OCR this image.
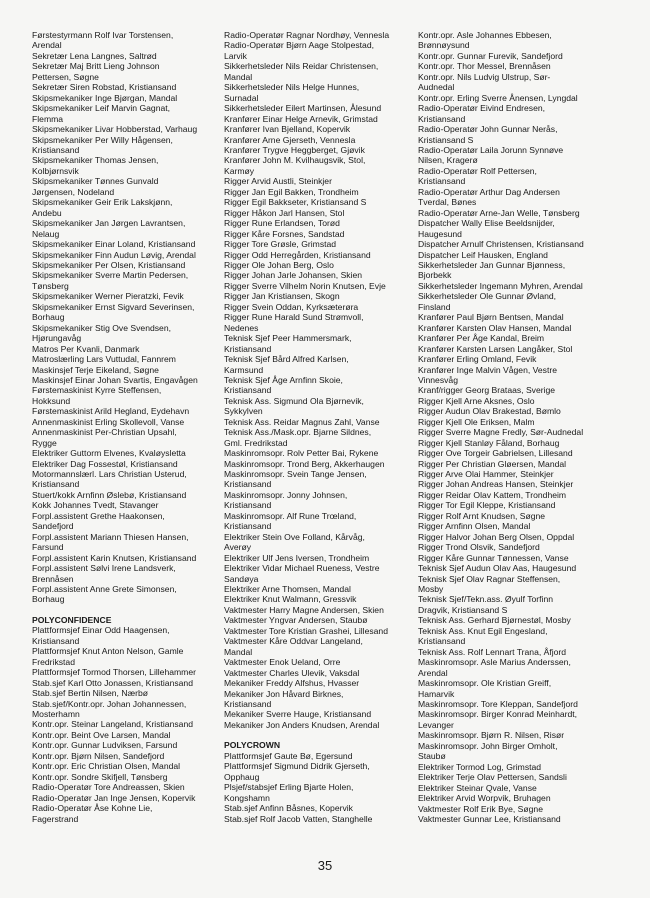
Førstestyrmann Rolf Ivar Torstensen,
Arendal
Sekretær Lena Langnes, Saltrød
Sekretær Maj Britt Lieng Johnson
Pettersen, Søgne
Sekretær Siren Robstad, Kristiansand
Skipsmekaniker Inge Bjørgan, Mandal
Skipsmekaniker Leif Marvin Gagnat,
Flemma
Skipsmekaniker Livar Hobberstad, Varhaug
Skipsmekaniker Per Willy Hågensen,
Kristiansand
Skipsmekaniker Thomas Jensen,
Kolbjørnsvik
Skipsmekaniker Tønnes Gunvald
Jørgensen, Nodeland
Skipsmekaniker Geir Erik Lakskjønn,
Andebu
Skipsmekaniker Jan Jørgen Lavrantsen,
Nelaug
Skipsmekaniker Einar Loland, Kristiansand
Skipsmekaniker Finn Audun Løvig, Arendal
Skipsmekaniker Per Olsen, Kristiansand
Skipsmekaniker Sverre Martin Pedersen,
Tønsberg
Skipsmekaniker Werner Pieratzki, Fevik
Skipsmekaniker Ernst Sigvard Severinsen,
Borhaug
Skipsmekaniker Stig Ove Svendsen,
Hjørungavåg
Matros Per Kvanli, Danmark
Matroslærling Lars Vuttudal, Fannrem
Maskinsjef Terje Eikeland, Søgne
Maskinsjef Einar Johan Svartis, Engavågen
Førstemaskinist Kyrre Steffensen,
Hokksund
Førstemaskinist Arild Hegland, Eydehavn
Annenmaskinist Erling Skollevoll, Vanse
Annenmaskinist Per-Christian Upsahl,
Rygge
Elektriker Guttorm Elvenes, Kvaløysletta
Elektriker Dag Fossestøl, Kristiansand
Motormannslærl. Lars Christian Usterud,
Kristiansand
Stuert/kokk Arnfinn Øslebø, Kristiansand
Kokk Johannes Tvedt, Stavanger
Forpl.assistent Grethe Haakonsen,
Sandefjord
Forpl.assistent Mariann Thiesen Hansen,
Farsund
Forpl.assistent Karin Knutsen, Kristiansand
Forpl.assistent Sølvi Irene Landsverk,
Brennåsen
Forpl.assistent Anne Grete Simonsen,
Borhaug
POLYCONFIDENCE
Plattformsjef Einar Odd Haagensen,
Kristiansand
Plattformsjef Knut Anton Nelson, Gamle
Fredrikstad
Plattformsjef Tormod Thorsen, Lillehammer
Stab.sjef Karl Otto Jonassen, Kristiansand
Stab.sjef Bertin Nilsen, Nærbø
Stab.sjef/Kontr.opr. Johan Johannessen,
Mosterhamn
Kontr.opr. Steinar Langeland, Kristiansand
Kontr.opr. Beint Ove Larsen, Mandal
Kontr.opr. Gunnar Ludviksen, Farsund
Kontr.opr. Bjørn Nilsen, Sandefjord
Kontr.opr. Eric Christian Olsen, Mandal
Kontr.opr. Sondre Skifjell, Tønsberg
Radio-Operatør Tore Andreassen, Skien
Radio-Operatør Jan Inge Jensen, Kopervik
Radio-Operatør Åse Kohne Lie,
Fagerstrand
Radio-Operatør Ragnar Nordhøy, Vennesla
Radio-Operatør Bjørn Aage Stolpestad,
Larvik
Sikkerhetsleder Nils Reidar Christensen,
Mandal
Sikkerhetsleder Nils Helge Hunnes,
Surnadal
Sikkerhetsleder Eilert Martinsen, Ålesund
Kranfører Einar Helge Arnevik, Grimstad
Kranfører Ivan Bjelland, Kopervik
Kranfører Arne Gjerseth, Vennesla
Kranfører Trygve Heggberget, Gjøvik
Kranfører John M. Kvilhaugsvik, Stol,
Karmøy
Rigger Arvid Austli, Steinkjer
Rigger Jan Egil Bakken, Trondheim
Rigger Egil Bakkseter, Kristiansand S
Rigger Håkon Jarl Hansen, Stol
Rigger Rune Erlandsen, Torød
Rigger Kåre Forsnes, Sandstad
Rigger Tore Grøsle, Grimstad
Rigger Odd Herregården, Kristiansand
Rigger Ole Johan Berg, Oslo
Rigger Johan Jarle Johansen, Skien
Rigger Sverre Vilhelm Norin Knutsen, Evje
Rigger Jan Kristiansen, Skogn
Rigger Svein Oddan, Kyrksæterøra
Rigger Rune Harald Sund Strømvoll,
Nedenes
Teknisk Sjef Peer Hammersmark,
Kristiansand
Teknisk Sjef Bård Alfred Karlsen,
Karmsund
Teknisk Sjef Åge Arnfinn Skoie,
Kristiansand
Teknisk Ass. Sigmund Ola Bjørnevik,
Sykkylven
Teknisk Ass. Reidar Magnus Zahl, Vanse
Teknisk Ass./Mask.opr. Bjarne Sildnes,
Gml. Fredrikstad
Maskinromsopr. Rolv Petter Bai, Rykene
Maskinromsopr. Trond Berg, Akkerhaugen
Maskinromsopr. Svein Tange Jensen,
Kristiansand
Maskinromsopr. Jonny Johnsen,
Kristiansand
Maskinromsopr. Alf Rune Trœland,
Kristiansand
Elektriker Stein Ove Folland, Kårvåg,
Averøy
Elektriker Ulf Jens Iversen, Trondheim
Elektriker Vidar Michael Rueness, Vestre
Sandøya
Elektriker Arne Thomsen, Mandal
Elektriker Knut Walmann, Gressvik
Vaktmester Harry Magne Andersen, Skien
Vaktmester Yngvar Andersen, Staubø
Vaktmester Tore Kristian Grashei, Lillesand
Vaktmester Kåre Oddvar Langeland,
Mandal
Vaktmester Enok Ueland, Orre
Vaktmester Charles Ulevik, Vaksdal
Mekaniker Freddy Alfshus, Hvasser
Mekaniker Jon Håvard Birknes,
Kristiansand
Mekaniker Sverre Hauge, Kristiansand
Mekaniker Jon Anders Knudsen, Arendal
POLYCROWN
Plattformsjef Gaute Bø, Egersund
Plattformsjef Sigmund Didrik Gjerseth,
Opphaug
Plsjef/stabsjef Erling Bjarte Holen,
Kongshamn
Stab.sjef Anfinn Båsnes, Kopervik
Stab.sjef Rolf Jacob Vatten, Stanghelle
Kontr.opr. Asle Johannes Ebbesen,
Brønnøysund
Kontr.opr. Gunnar Furevik, Sandefjord
Kontr.opr. Thor Messel, Brennåsen
Kontr.opr. Nils Ludvig Ulstrup, Sør-
Audnedal
Kontr.opr. Erling Sverre Ånensen, Lyngdal
Radio-Operatør Eivind Endresen,
Kristiansand
Radio-Operatør John Gunnar Nerås,
Kristiansand S
Radio-Operatør Laila Jorunn Synnøve
Nilsen, Kragerø
Radio-Operatør Rolf Pettersen,
Kristiansand
Radio-Operatør Arthur Dag Andersen
Tverdal, Bønes
Radio-Operatør Arne-Jan Welle, Tønsberg
Dispatcher Wally Elise Beeldsnijder,
Haugesund
Dispatcher Arnulf Christensen, Kristiansand
Dispatcher Leif Hausken, England
Sikkerhetsleder Jan Gunnar Bjønness,
Bjorbekk
Sikkerhetsleder Ingemann Myhren, Arendal
Sikkerhetsleder Ole Gunnar Øvland,
Finsland
Kranfører Paul Bjørn Bentsen, Mandal
Kranfører Karsten Olav Hansen, Mandal
Kranfører Per Åge Kandal, Breim
Kranfører Karsten Larsen Langåker, Stol
Kranfører Erling Omland, Fevik
Kranfører Inge Malvin Vågen, Vestre
Vinnesvåg
Kranf/rigger Georg Brataas, Sverige
Rigger Kjell Arne Aksnes, Oslo
Rigger Audun Olav Brakestad, Bømlo
Rigger Kjell Ole Eriksen, Malm
Rigger Sverre Magne Fredly, Sør-Audnedal
Rigger Kjell Stanløy Fåland, Borhaug
Rigger Ove Torgeir Gabrielsen, Lillesand
Rigger Per Christian Gløersen, Mandal
Rigger Arve Olai Hammer, Steinkjer
Rigger Johan Andreas Hansen, Steinkjer
Rigger Reidar Olav Kattem, Trondheim
Rigger Tor Egil Kleppe, Kristiansand
Rigger Rolf Arnt Knudsen, Søgne
Rigger Arnfinn Olsen, Mandal
Rigger Halvor Johan Berg Olsen, Oppdal
Rigger Trond Olsvik, Sandefjord
Rigger Kåre Gunnar Tønnessen, Vanse
Teknisk Sjef Audun Olav Aas, Haugesund
Teknisk Sjef Olav Ragnar Steffensen,
Mosby
Teknisk Sjef/Tekn.ass. Øyulf Torfinn
Dragvik, Kristiansand S
Teknisk Ass. Gerhard Bjørnestøl, Mosby
Teknisk Ass. Knut Egil Engesland,
Kristiansand
Teknisk Ass. Rolf Lennart Trana, Åfjord
Maskinromsopr. Asle Marius Anderssen,
Arendal
Maskinromsopr. Ole Kristian Greiff,
Hamarvik
Maskinromsopr. Tore Kleppan, Sandefjord
Maskinromsopr. Birger Konrad Meinhardt,
Levanger
Maskinromsopr. Bjørn R. Nilsen, Risør
Maskinromsopr. John Birger Omholt,
Staubø
Elektriker Tormod Log, Grimstad
Elektriker Terje Olav Pettersen, Sandsli
Elektriker Steinar Qvale, Vanse
Elektriker Arvid Worpvik, Bruhagen
Vaktmester Rolf Erik Bye, Søgne
Vaktmester Gunnar Lee, Kristiansand
35
